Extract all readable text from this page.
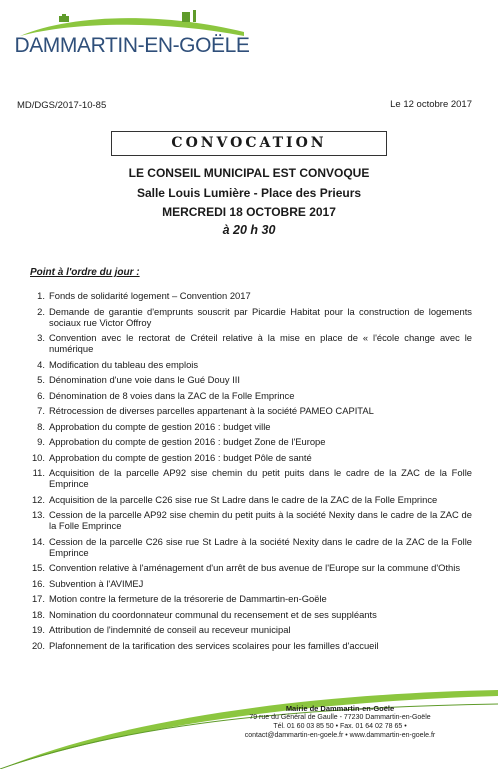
DAMMARTIN-EN-GOËLE
MD/DGS/2017-10-85	Le 12 octobre 2017
CONVOCATION
LE CONSEIL MUNICIPAL EST CONVOQUE
Salle Louis Lumière - Place des Prieurs
MERCREDI 18 OCTOBRE 2017
à 20 h 30
Point à l'ordre du jour :
1. Fonds de solidarité logement – Convention 2017
2. Demande de garantie d'emprunts souscrit par Picardie Habitat pour la construction de logements sociaux rue Victor Offroy
3. Convention avec le rectorat de Créteil relative à la mise en place de « l'école change avec le numérique
4. Modification du tableau des emplois
5. Dénomination d'une voie dans le Gué Douy III
6. Dénomination de 8 voies dans la ZAC de la Folle Emprince
7. Rétrocession de diverses parcelles appartenant à la société PAMEO CAPITAL
8. Approbation du compte de gestion 2016 : budget ville
9. Approbation du compte de gestion 2016 : budget Zone de l'Europe
10. Approbation du compte de gestion 2016 : budget Pôle de santé
11. Acquisition de la parcelle AP92 sise chemin du petit puits dans le cadre de la ZAC de la Folle Emprince
12. Acquisition de la parcelle C26 sise rue St Ladre dans le cadre de la ZAC de la Folle Emprince
13. Cession de la parcelle AP92 sise chemin du petit puits à la société Nexity dans le cadre de la ZAC de la Folle Emprince
14. Cession de la parcelle C26 sise rue St Ladre à la société Nexity dans le cadre de la ZAC de la Folle Emprince
15. Convention relative à l'aménagement d'un arrêt de bus avenue de l'Europe sur la commune d'Othis
16. Subvention à l'AVIMEJ
17. Motion contre la fermeture de la trésorerie de Dammartin-en-Goële
18. Nomination du coordonnateur communal du recensement et de ses suppléants
19. Attribution de l'indemnité de conseil au receveur municipal
20. Plafonnement de la tarification des services scolaires pour les familles d'accueil
Mairie de Dammartin-en-Goële
79 rue du Général de Gaulle - 77230 Dammartin-en-Goële
Tél. 01 60 03 85 50 • Fax. 01 64 02 78 65 •
contact@dammartin-en-goele.fr • www.dammartin-en-goele.fr
